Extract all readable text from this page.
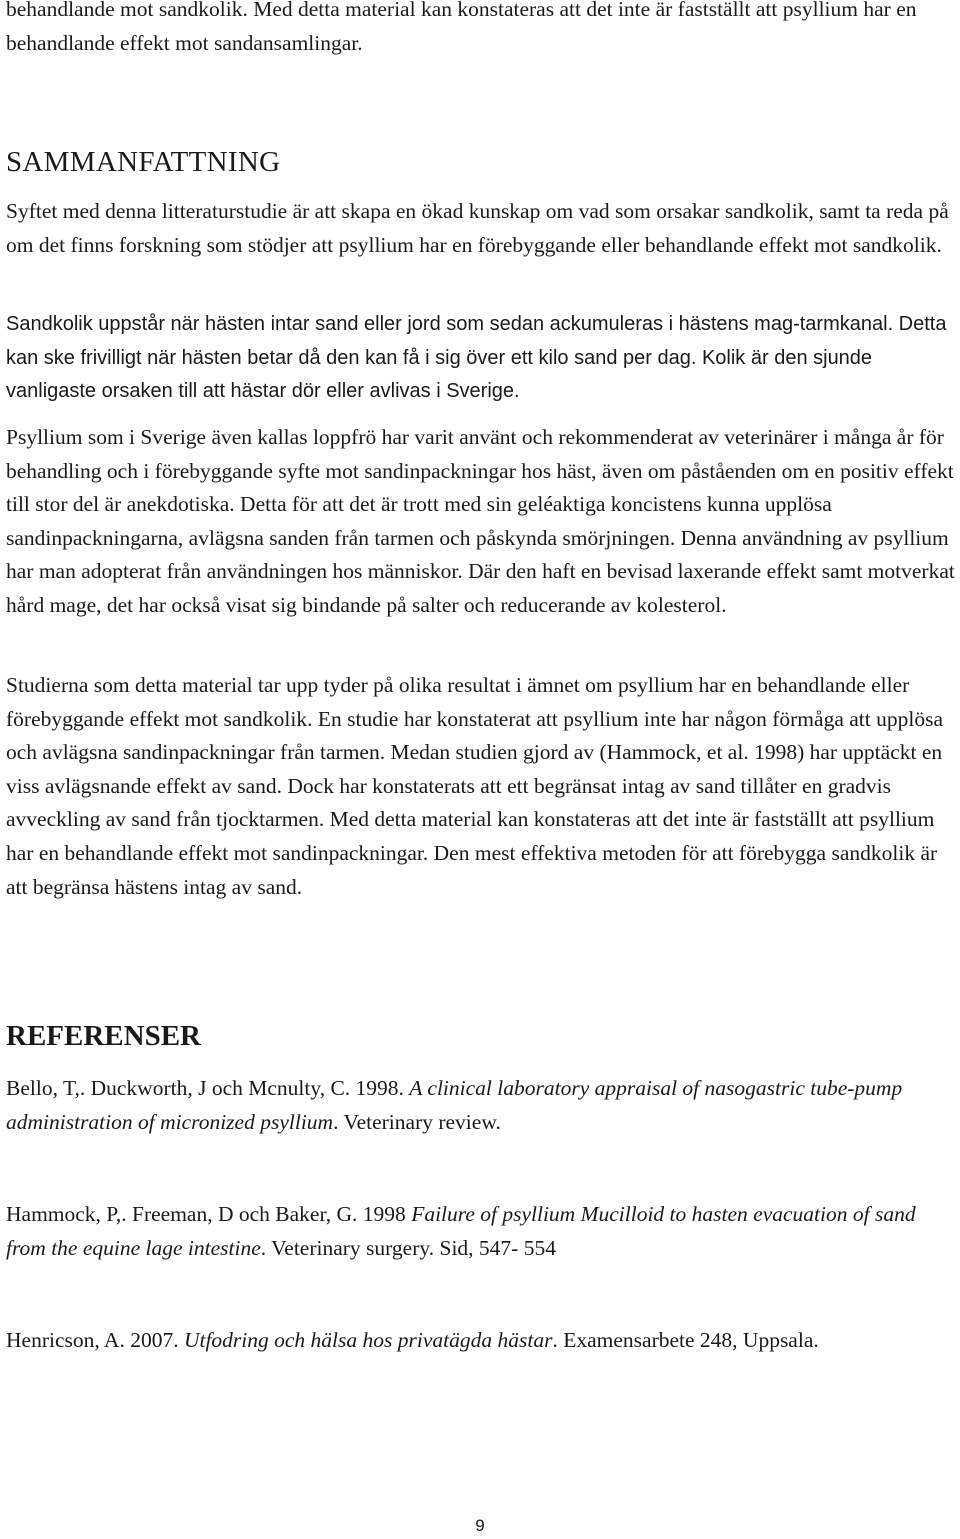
behandlande mot sandkolik. Med detta material kan konstateras att det inte är fastställt att psyllium har en behandlande effekt mot sandansamlingar.

SAMMANFATTNING

Syftet med denna litteraturstudie är att skapa en ökad kunskap om vad som orsakar sandkolik, samt ta reda på om det finns forskning som stödjer att psyllium har en förebyggande eller behandlande effekt mot sandkolik.

Sandkolik uppstår när hästen intar sand eller jord som sedan ackumuleras i hästens mag-tarmkanal. Detta kan ske frivilligt när hästen betar då den kan få i sig över ett kilo sand per dag. Kolik är den sjunde vanligaste orsaken till att hästar dör eller avlivas i Sverige.

Psyllium som i Sverige även kallas loppfrö har varit använt och rekommenderat av veterinärer i många år för behandling och i förebyggande syfte mot sandinpackningar hos häst, även om påståenden om en positiv effekt till stor del är anekdotiska. Detta för att det är trott med sin geléaktiga koncistens kunna upplösa sandinpackningarna, avlägsna sanden från tarmen och påskynda smörjningen. Denna användning av psyllium har man adopterat från användningen hos människor. Där den haft en bevisad laxerande effekt samt motverkat hård mage, det har också visat sig bindande på salter och reducerande av kolesterol.

Studierna som detta material tar upp tyder på olika resultat i ämnet om psyllium har en behandlande eller förebyggande effekt mot sandkolik. En studie har konstaterat att psyllium inte har någon förmåga att upplösa och avlägsna sandinpackningar från tarmen. Medan studien gjord av (Hammock, et al. 1998) har upptäckt en viss avlägsnande effekt av sand. Dock har konstaterats att ett begränsat intag av sand tillåter en gradvis avveckling av sand från tjocktarmen. Med detta material kan konstateras att det inte är fastställt att psyllium har en behandlande effekt mot sandinpackningar. Den mest effektiva metoden för att förebygga sandkolik är att begränsa hästens intag av sand.

REFERENSER

Bello, T,. Duckworth, J och Mcnulty, C. 1998. A clinical laboratory appraisal of nasogastric tube-pump administration of micronized psyllium. Veterinary review.

Hammock, P,. Freeman, D och Baker, G. 1998 Failure of psyllium Mucilloid to hasten evacuation of sand from the equine lage intestine. Veterinary surgery. Sid, 547- 554

Henricson, A. 2007. Utfodring och hälsa hos privatägda hästar. Examensarbete 248, Uppsala.

9
